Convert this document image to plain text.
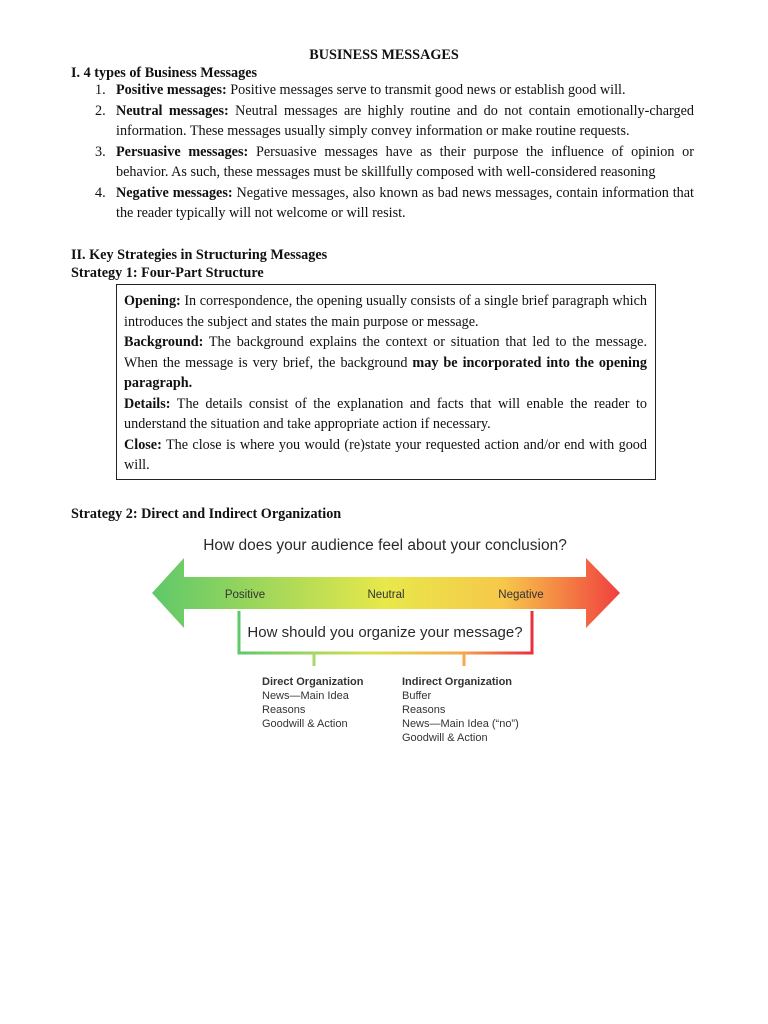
BUSINESS MESSAGES
I. 4 types of Business Messages
1. Positive messages: Positive messages serve to transmit good news or establish good will.
2. Neutral messages: Neutral messages are highly routine and do not contain emotionally-charged information. These messages usually simply convey information or make routine requests.
3. Persuasive messages: Persuasive messages have as their purpose the influence of opinion or behavior. As such, these messages must be skillfully composed with well-considered reasoning
4. Negative messages: Negative messages, also known as bad news messages, contain information that the reader typically will not welcome or will resist.
II. Key Strategies in Structuring Messages
Strategy 1: Four-Part Structure

Opening: In correspondence, the opening usually consists of a single brief paragraph which introduces the subject and states the main purpose or message.

Background: The background explains the context or situation that led to the message. When the message is very brief, the background may be incorporated into the opening paragraph.

Details: The details consist of the explanation and facts that will enable the reader to understand the situation and take appropriate action if necessary.

Close: The close is where you would (re)state your requested action and/or end with good will.

Strategy 2: Direct and Indirect Organization
How does your audience feel about your conclusion?
Positive	Neutral	Negative
How should you organize your message?
Direct Organization
News—Main Idea
Reasons
Goodwill & Action
Indirect Organization
Buffer
Reasons
News—Main Idea (“no”)
Goodwill & Action
